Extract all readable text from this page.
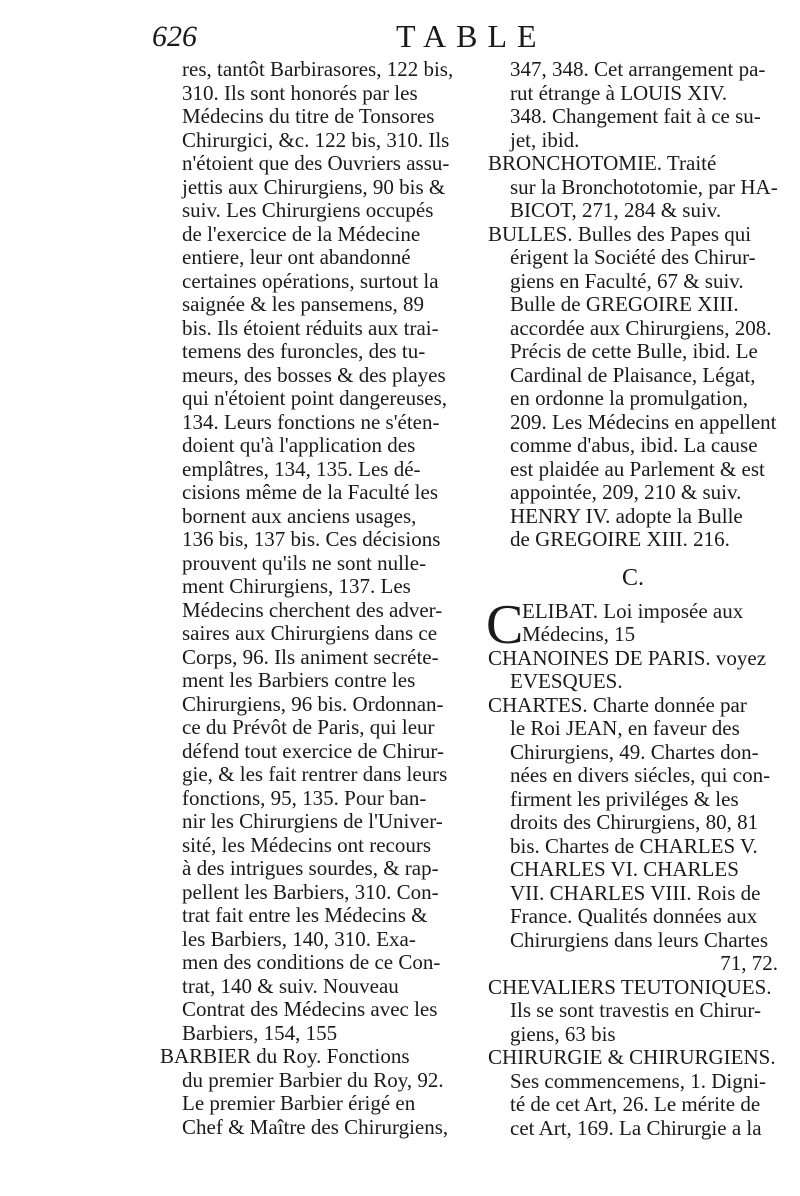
626	TABLE
res, tantôt Barbirasores, 122 bis,
310. Ils sont honorés par les
Médecins du titre de Tonsores
Chirurgici, &c. 122 bis, 310. Ils
n'étoient que des Ouvriers assu-
jettis aux Chirurgiens, 90 bis &
suiv. Les Chirurgiens occupés
de l'exercice de la Médecine
entiere, leur ont abandonné
certaines opérations, surtout la
saignée & les pansemens, 89
bis. Ils étoient réduits aux trai-
temens des furoncles, des tu-
meurs, des bosses & des playes
qui n'étoient point dangereuses,
134. Leurs fonctions ne s'éten-
doient qu'à l'application des
emplâtres, 134, 135. Les dé-
cisions même de la Faculté les
bornent aux anciens usages,
136 bis, 137 bis. Ces décisions
prouvent qu'ils ne sont nulle-
ment Chirurgiens, 137. Les
Médecins cherchent des adver-
saires aux Chirurgiens dans ce
Corps, 96. Ils animent secréte-
ment les Barbiers contre les
Chirurgiens, 96 bis. Ordonnan-
ce du Prévôt de Paris, qui leur
défend tout exercice de Chirur-
gie, & les fait rentrer dans leurs
fonctions, 95, 135. Pour ban-
nir les Chirurgiens de l'Univer-
sité, les Médecins ont recours
à des intrigues sourdes, & rap-
pellent les Barbiers, 310. Con-
trat fait entre les Médecins &
les Barbiers, 140, 310. Exa-
men des conditions de ce Con-
trat, 140 & suiv. Nouveau
Contrat des Médecins avec les
Barbiers, 154, 155
BARBIER du Roy. Fonctions
du premier Barbier du Roy, 92.
Le premier Barbier érigé en
Chef & Maître des Chirurgiens,
347, 348. Cet arrangement pa-
rut étrange à LOUIS XIV.
348. Changement fait à ce su-
jet, ibid.
BRONCHOTOMIE. Traité
sur la Bronchototomie, par HA-
BICOT, 271, 284 & suiv.
BULLES. Bulles des Papes qui
érigent la Société des Chirur-
giens en Faculté, 67 & suiv.
Bulle de GREGOIRE XIII.
accordée aux Chirurgiens, 208.
Précis de cette Bulle, ibid. Le
Cardinal de Plaisance, Légat,
en ordonne la promulgation,
209. Les Médecins en appellent
comme d'abus, ibid. La cause
est plaidée au Parlement & est
appointée, 209, 210 & suiv.
HENRY IV. adopte la Bulle
de GREGOIRE XIII. 216.
C.
C
ELIBAT. Loi imposée aux
Médecins, 15
CHANOINES DE PARIS. voyez
EVESQUES.
CHARTES. Charte donnée par
le Roi JEAN, en faveur des
Chirurgiens, 49. Chartes don-
nées en divers siécles, qui con-
firment les priviléges & les
droits des Chirurgiens, 80, 81
bis. Chartes de CHARLES V.
CHARLES VI. CHARLES
VII. CHARLES VIII. Rois de
France. Qualités données aux
Chirurgiens dans leurs Chartes
71, 72.
CHEVALIERS TEUTONIQUES.
Ils se sont travestis en Chirur-
giens, 63 bis
CHIRURGIE & CHIRURGIENS.
Ses commencemens, 1. Digni-
té de cet Art, 26. Le mérite de
cet Art, 169. La Chirurgie a la
